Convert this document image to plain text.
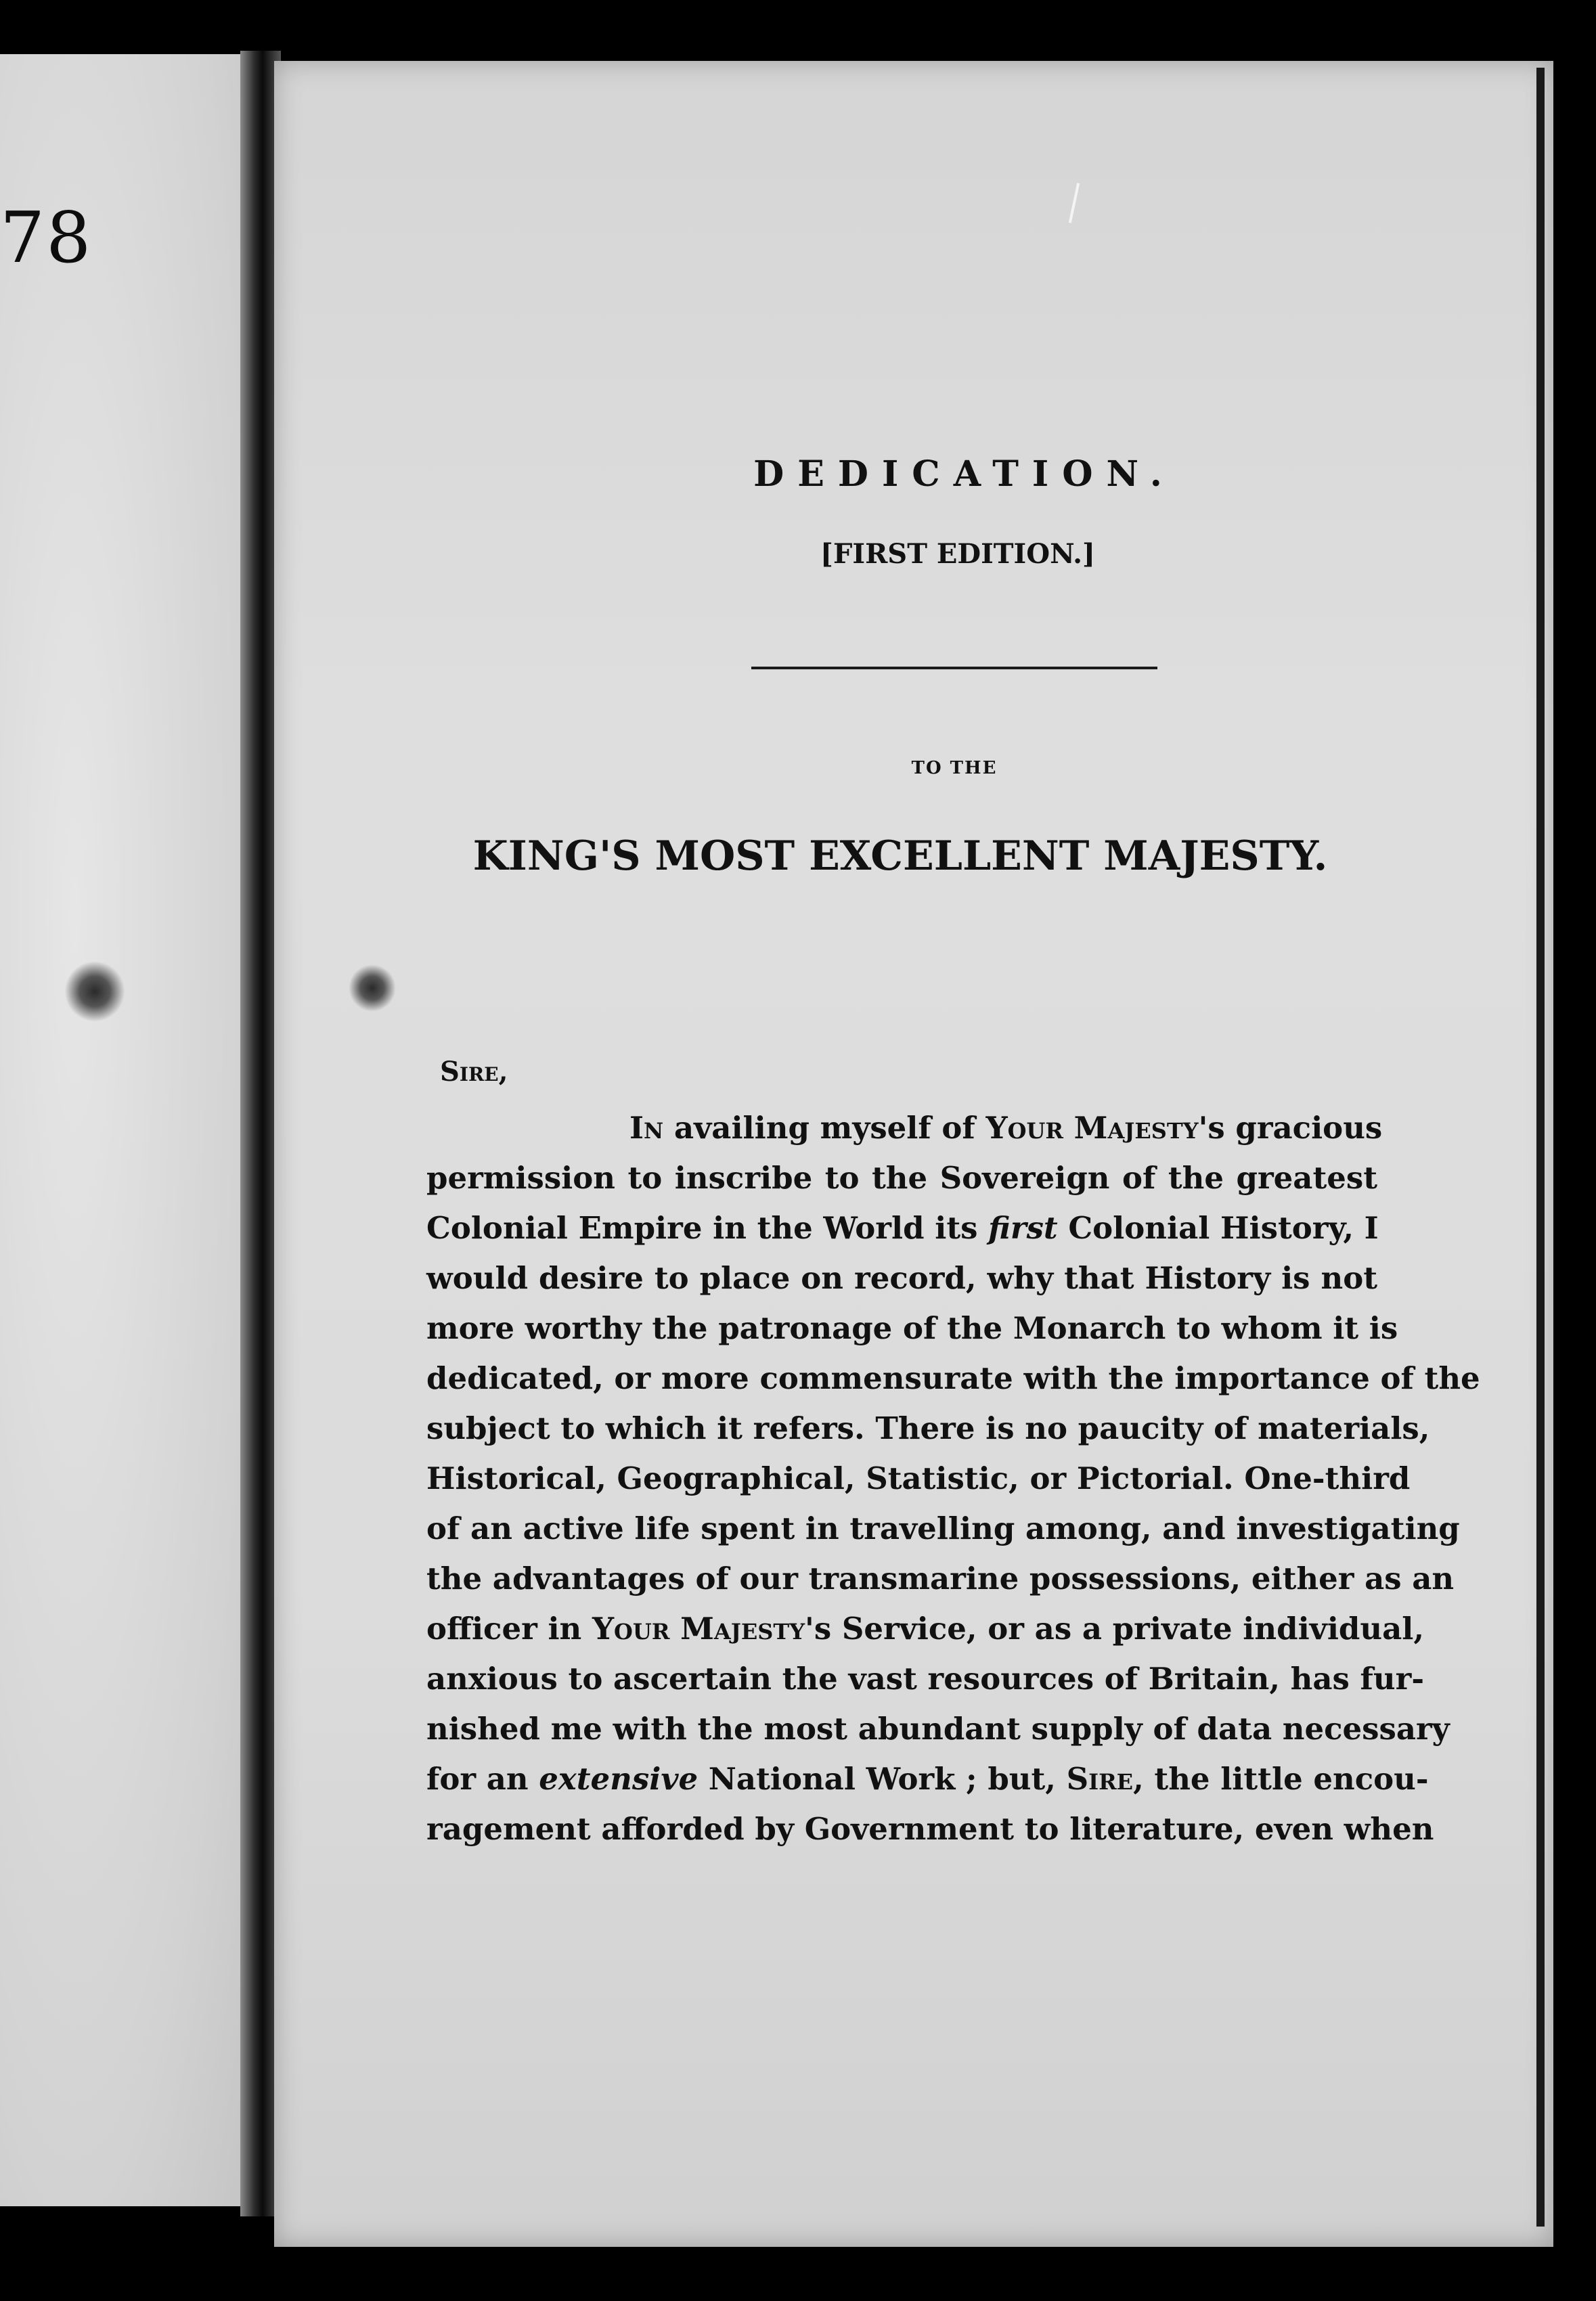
78
DEDICATION.
[FIRST EDITION.]
TO THE
KING'S MOST EXCELLENT MAJESTY.
Sire,
In availing myself of Your Majesty's gracious
permission to inscribe to the Sovereign of the greatest
Colonial Empire in the World its first Colonial History, I
would desire to place on record, why that History is not
more worthy the patronage of the Monarch to whom it is
dedicated, or more commensurate with the importance of the
subject to which it refers. There is no paucity of materials,
Historical, Geographical, Statistic, or Pictorial. One-third
of an active life spent in travelling among, and investigating
the advantages of our transmarine possessions, either as an
officer in Your Majesty's Service, or as a private individual,
anxious to ascertain the vast resources of Britain, has fur-
nished me with the most abundant supply of data necessary
for an extensive National Work ; but, Sire, the little encou-
ragement afforded by Government to literature, even when
